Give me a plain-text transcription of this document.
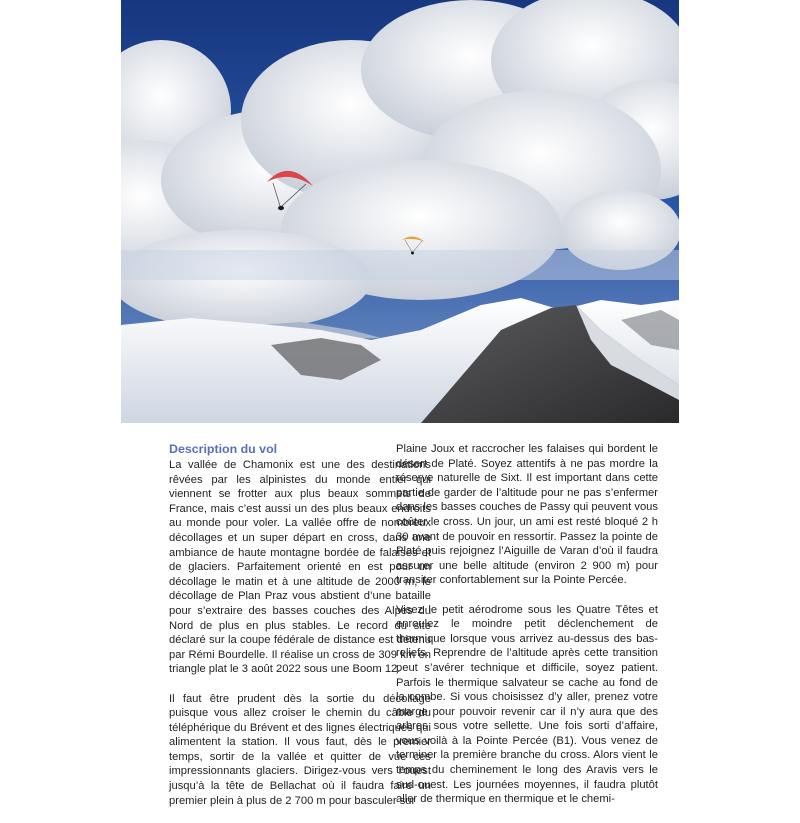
Description du vol

La vallée de Chamonix est une des destinations rêvées par les alpinistes du monde entier qui viennent se frotter aux plus beaux sommets de France, mais c’est aussi un des plus beaux endroits au monde pour voler. La vallée offre de nombreux décollages et un super départ en cross, dans une ambiance de haute montagne bordée de falaises et de glaciers. Parfaitement orienté en est pour un décollage le matin et à une altitude de 2000 m, le décollage de Plan Praz vous abstient d’une bataille pour s’extraire des basses couches des Alpes du Nord de plus en plus stables. Le record du site déclaré sur la coupe fédérale de distance est détenu par Rémi Bourdelle. Il réalise un cross de 309 km en triangle plat le 3 août 2022 sous une Boom 12.

Il faut être prudent dès la sortie du décollage puisque vous allez croiser le chemin du câble du téléphérique du Brévent et des lignes électriques qui alimentent la station. Il vous faut, dès le premier temps, sortir de la vallée et quitter de vue ces impressionnants glaciers. Dirigez-vous vers l’ouest jusqu’à la tête de Bellachat où il faudra faire un premier plein à plus de 2 700 m pour basculer sur

Plaine Joux et raccrocher les falaises qui bordent le désert de Platé. Soyez attentifs à ne pas mordre la réserve naturelle de Sixt. Il est important dans cette partie de garder de l’altitude pour ne pas s’enfermer dans les basses couches de Passy qui peuvent vous coûter le cross. Un jour, un ami est resté bloqué 2 h 30 avant de pouvoir en ressortir. Passez la pointe de Platé puis rejoignez l’Aiguille de Varan d’où il faudra assurer une belle altitude (environ 2 900 m) pour transiter confortablement sur la Pointe Percée.

Visez le petit aérodrome sous les Quatre Têtes et enroulez le moindre petit déclenchement de thermique lorsque vous arrivez au-dessus des bas-reliefs. Reprendre de l’altitude après cette transition peut s’avérer technique et difficile, soyez patient. Parfois le thermique salvateur se cache au fond de la combe. Si vous choisissez d’y aller, prenez votre marge pour pouvoir revenir car il n’y aura que des arbres sous votre sellette. Une fois sorti d’affaire, vous voilà à la Pointe Percée (B1). Vous venez de terminer la première branche du cross. Alors vient le temps du cheminement le long des Aravis vers le sud-ouest. Les journées moyennes, il faudra plutôt aller de thermique en thermique et le chemi-
